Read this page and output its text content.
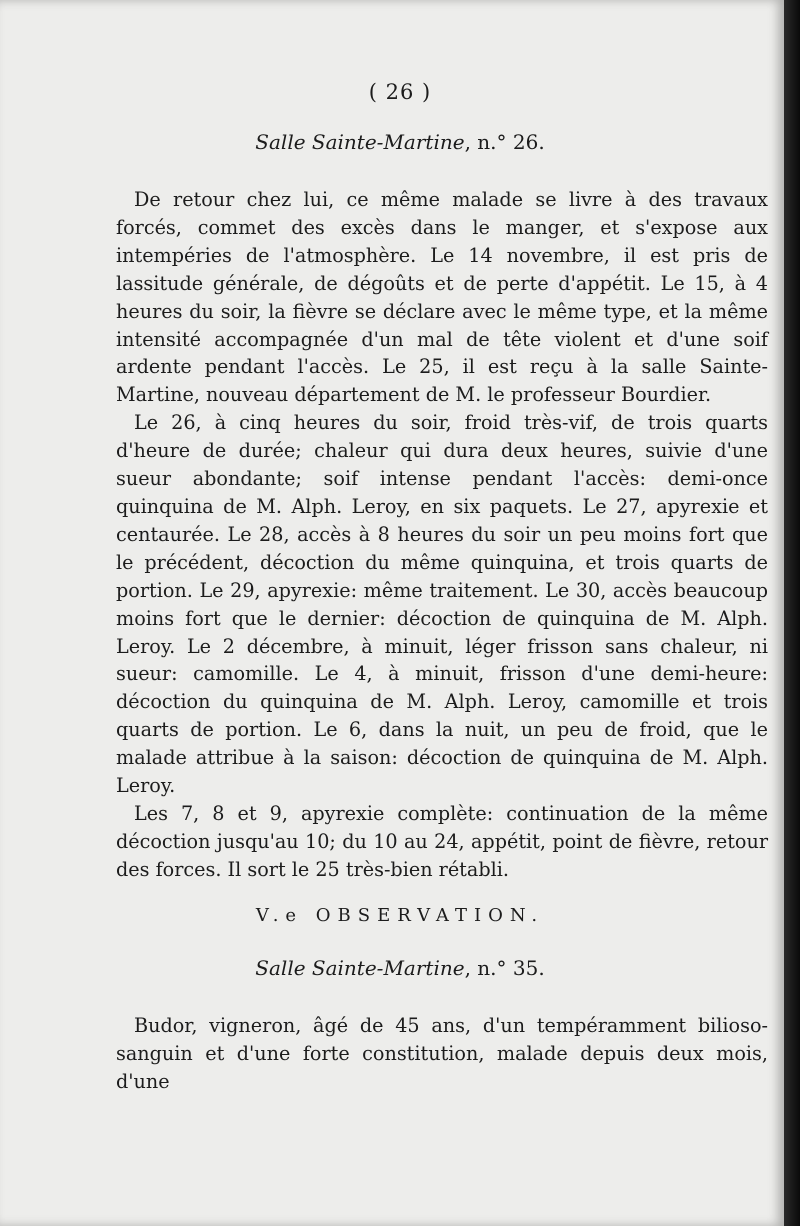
( 26 )

Salle Sainte-Martine, n.° 26.

De retour chez lui, ce même malade se livre à des travaux forcés, commet des excès dans le manger, et s'expose aux intempéries de l'atmosphère. Le 14 novembre, il est pris de lassitude générale, de dégoûts et de perte d'appétit. Le 15, à 4 heures du soir, la fièvre se déclare avec le même type, et la même intensité accompagnée d'un mal de tête violent et d'une soif ardente pendant l'accès. Le 25, il est reçu à la salle Sainte-Martine, nouveau département de M. le professeur Bourdier.

Le 26, à cinq heures du soir, froid très-vif, de trois quarts d'heure de durée; chaleur qui dura deux heures, suivie d'une sueur abondante; soif intense pendant l'accès: demi-once quinquina de M. Alph. Leroy, en six paquets. Le 27, apyrexie et centaurée. Le 28, accès à 8 heures du soir un peu moins fort que le précédent, décoction du même quinquina, et trois quarts de portion. Le 29, apyrexie: même traitement. Le 30, accès beaucoup moins fort que le dernier: décoction de quinquina de M. Alph. Leroy. Le 2 décembre, à minuit, léger frisson sans chaleur, ni sueur: camomille. Le 4, à minuit, frisson d'une demi-heure: décoction du quinquina de M. Alph. Leroy, camomille et trois quarts de portion. Le 6, dans la nuit, un peu de froid, que le malade attribue à la saison: décoction de quinquina de M. Alph. Leroy.

Les 7, 8 et 9, apyrexie complète: continuation de la même décoction jusqu'au 10; du 10 au 24, appétit, point de fièvre, retour des forces. Il sort le 25 très-bien rétabli.

V.e OBSERVATION.

Salle Sainte-Martine, n.° 35.

Budor, vigneron, âgé de 45 ans, d'un tempéramment bilioso-sanguin et d'une forte constitution, malade depuis deux mois, d'une
